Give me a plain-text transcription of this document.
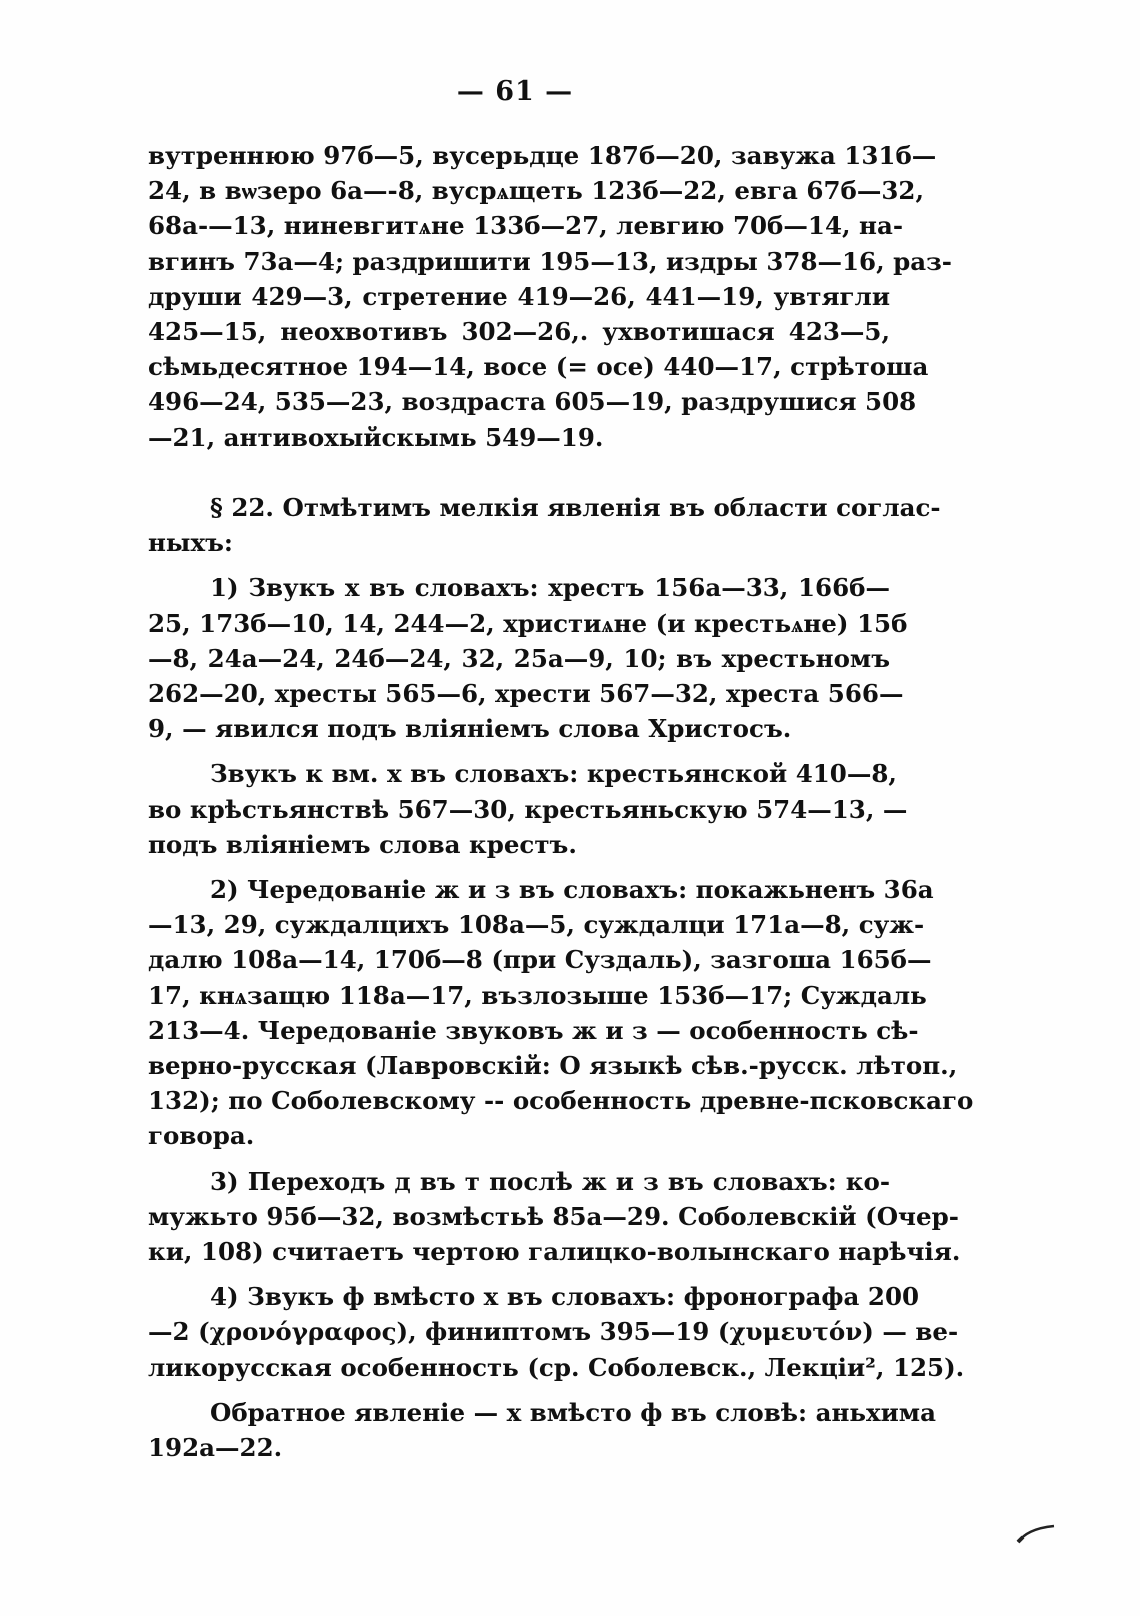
— 61 —
вутреннюю 97б—5, вусерьдце 187б—20, завужа 131б—
24, в вѡзеро 6а—-8, вусрѧщеть 123б—22, евга 67б—32,
68а-—13, ниневгитѧне 133б—27, левгию 70б—14, на-
вгинъ 73а—4; раздришити 195—13, издры 378—16, раз-
друши 429—3, стретение 419—26, 441—19, увтягли
425—15, неохвотивъ 302—26,. ухвотишася 423—5,
сѣмьдесятное 194—14, восе (= осе) 440—17, стрѣтоша
496—24, 535—23, воздраста 605—19, раздрушися 508
—21, антивохыйскымь 549—19.
§ 22. Отмѣтимъ мелкія явленія въ области соглас-
ныхъ:
1) Звукъ х въ словахъ: хрестъ 156а—33, 166б—
25, 173б—10, 14, 244—2, христиѧне (и крестьѧне) 15б
—8, 24а—24, 24б—24, 32, 25а—9, 10; въ хрестьномъ
262—20, хресты 565—6, хрести 567—32, хреста 566—
9, — явился подъ вліяніемъ слова Христосъ.
Звукъ к вм. х въ словахъ: крестьянской 410—8,
во крѣстьянствѣ 567—30, крестьяньскую 574—13, —
подъ вліяніемъ слова крестъ.
2) Чередованіе ж и з въ словахъ: покажьненъ 36а
—13, 29, суждалцихъ 108а—5, суждалци 171а—8, суж-
далю 108а—14, 170б—8 (при Суздаль), зазгоша 165б—
17, кнѧзащю 118а—17, възлозыше 153б—17; Суждаль
213—4. Чередованіе звуковъ ж и з — особенность сѣ-
верно-русская (Лавровскій: О языкѣ сѣв.-русск. лѣтоп.,
132); по Соболевскому -- особенность древне-псковскаго
говора.
3) Переходъ д въ т послѣ ж и з въ словахъ: ко-
мужьто 95б—32, возмѣстьѣ 85а—29. Соболевскій (Очер-
ки, 108) считаетъ чертою галицко-волынскаго нарѣчія.
4) Звукъ ф вмѣсто х въ словахъ: фронографа 200
—2 (χρονόγραφος), финиптомъ 395—19 (χυμευτόν) — ве-
ликорусская особенность (ср. Соболевск., Лекціи², 125).
Обратное явленіе — х вмѣсто ф въ словѣ: аньхима
192а—22.
